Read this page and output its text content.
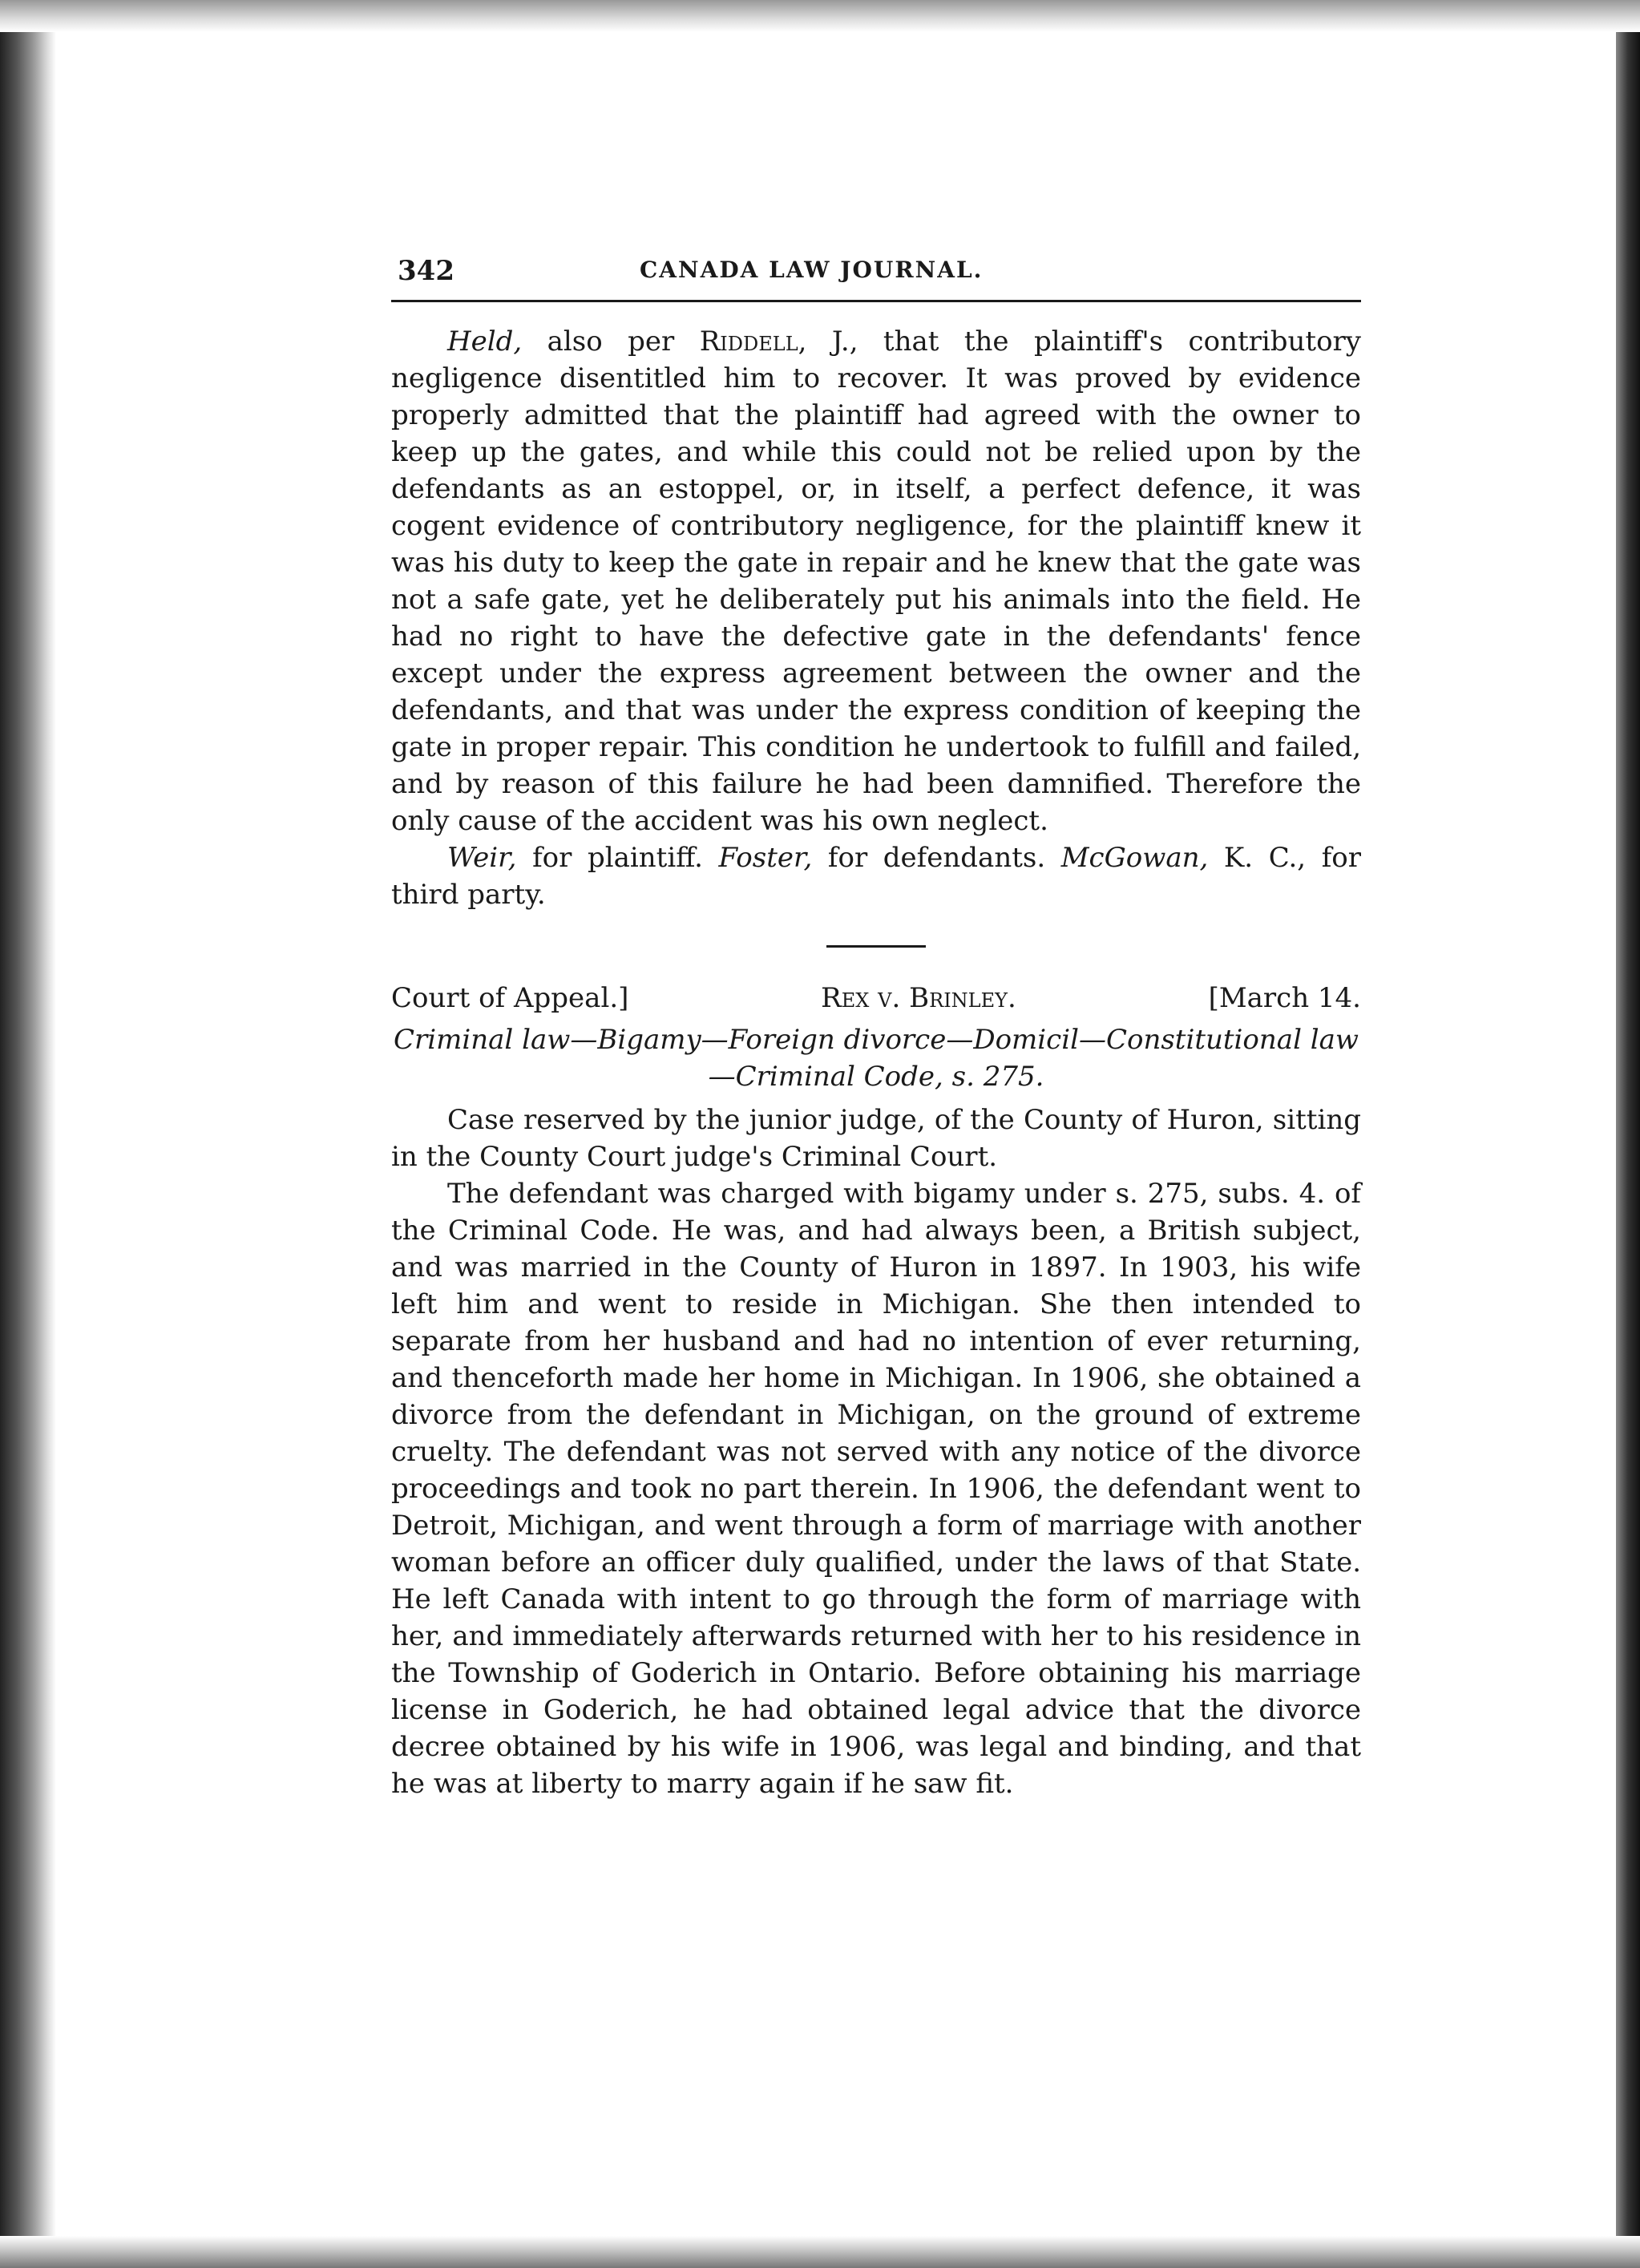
342	CANADA LAW JOURNAL.

Held, also per Riddell, J., that the plaintiff's contributory negligence disentitled him to recover. It was proved by evidence properly admitted that the plaintiff had agreed with the owner to keep up the gates, and while this could not be relied upon by the defendants as an estoppel, or, in itself, a perfect defence, it was cogent evidence of contributory negligence, for the plaintiff knew it was his duty to keep the gate in repair and he knew that the gate was not a safe gate, yet he deliberately put his animals into the field. He had no right to have the defective gate in the defendants' fence except under the express agreement between the owner and the defendants, and that was under the express condition of keeping the gate in proper repair. This condition he undertook to fulfill and failed, and by reason of this failure he had been damnified. Therefore the only cause of the accident was his own neglect.

Weir, for plaintiff. Foster, for defendants. McGowan, K. C., for third party.

Court of Appeal.]	Rex v. Brinley.	[March 14.
Criminal law—Bigamy—Foreign divorce—Domicil—Constitutional law—Criminal Code, s. 275.

Case reserved by the junior judge, of the County of Huron, sitting in the County Court judge's Criminal Court.

The defendant was charged with bigamy under s. 275, subs. 4. of the Criminal Code. He was, and had always been, a British subject, and was married in the County of Huron in 1897. In 1903, his wife left him and went to reside in Michigan. She then intended to separate from her husband and had no intention of ever returning, and thenceforth made her home in Michigan. In 1906, she obtained a divorce from the defendant in Michigan, on the ground of extreme cruelty. The defendant was not served with any notice of the divorce proceedings and took no part therein. In 1906, the defendant went to Detroit, Michigan, and went through a form of marriage with another woman before an officer duly qualified, under the laws of that State. He left Canada with intent to go through the form of marriage with her, and immediately afterwards returned with her to his residence in the Township of Goderich in Ontario. Before obtaining his marriage license in Goderich, he had obtained legal advice that the divorce decree obtained by his wife in 1906, was legal and binding, and that he was at liberty to marry again if he saw fit.
